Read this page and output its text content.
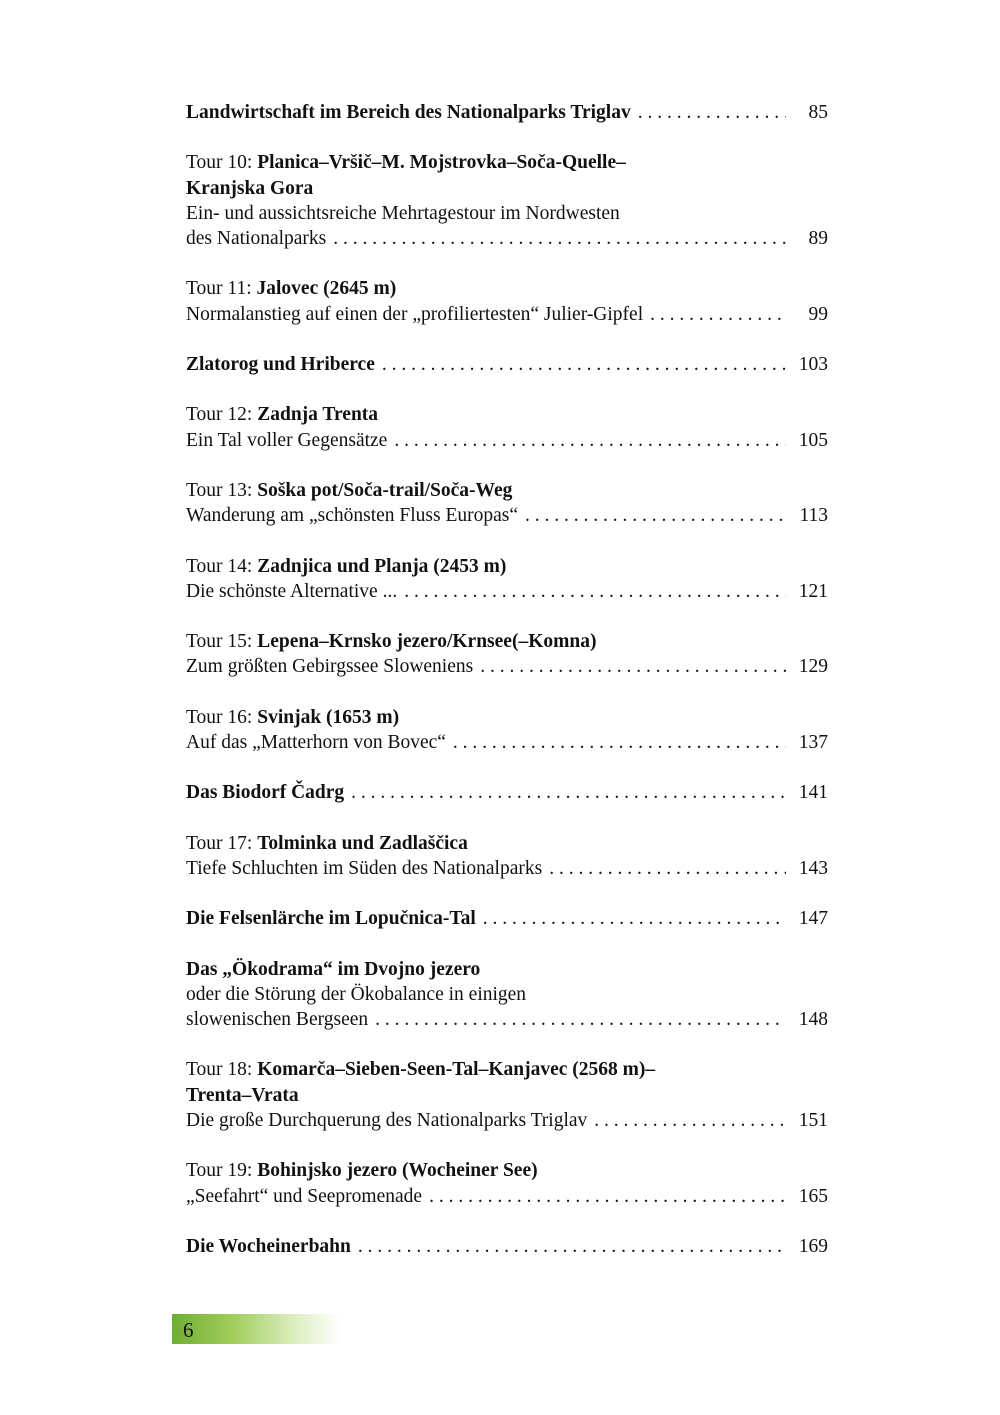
Landwirtschaft im Bereich des Nationalparks Triglav . . .	85
Tour 10: Planica–Vršič–M. Mojstrovka–Soča-Quelle–
Kranjska Gora
Ein- und aussichtsreiche Mehrtagestour im Nordwesten
des Nationalparks . . .	89
Tour 11: Jalovec (2645 m)
Normalanstieg auf einen der „profiliertesten“ Julier-Gipfel . . .	99
Zlatorog und Hriberce . . .	103
Tour 12: Zadnja Trenta
Ein Tal voller Gegensätze . . .	105
Tour 13: Soška pot/Soča-trail/Soča-Weg
Wanderung am „schönsten Fluss Europas“ . . .	113
Tour 14: Zadnjica und Planja (2453 m)
Die schönste Alternative ... . . .	121
Tour 15: Lepena–Krnsko jezero/Krnsee(–Komna)
Zum größten Gebirgssee Sloweniens . . .	129
Tour 16: Svinjak (1653 m)
Auf das „Matterhorn von Bovec“ . . .	137
Das Biodorf Čadrg . . .	141
Tour 17: Tolminka und Zadlaščica
Tiefe Schluchten im Süden des Nationalparks . . .	143
Die Felsenlärche im Lopučnica-Tal . . .	147
Das „Ökodrama“ im Dvojno jezero
oder die Störung der Ökobalance in einigen
slowenischen Bergseen . . .	148
Tour 18: Komarča–Sieben-Seen-Tal–Kanjavec (2568 m)–
Trenta–Vrata
Die große Durchquerung des Nationalparks Triglav . . .	151
Tour 19: Bohinjsko jezero (Wocheiner See)
„Seefahrt“ und Seepromenade . . .	165
Die Wocheinerbahn . . .	169
6
